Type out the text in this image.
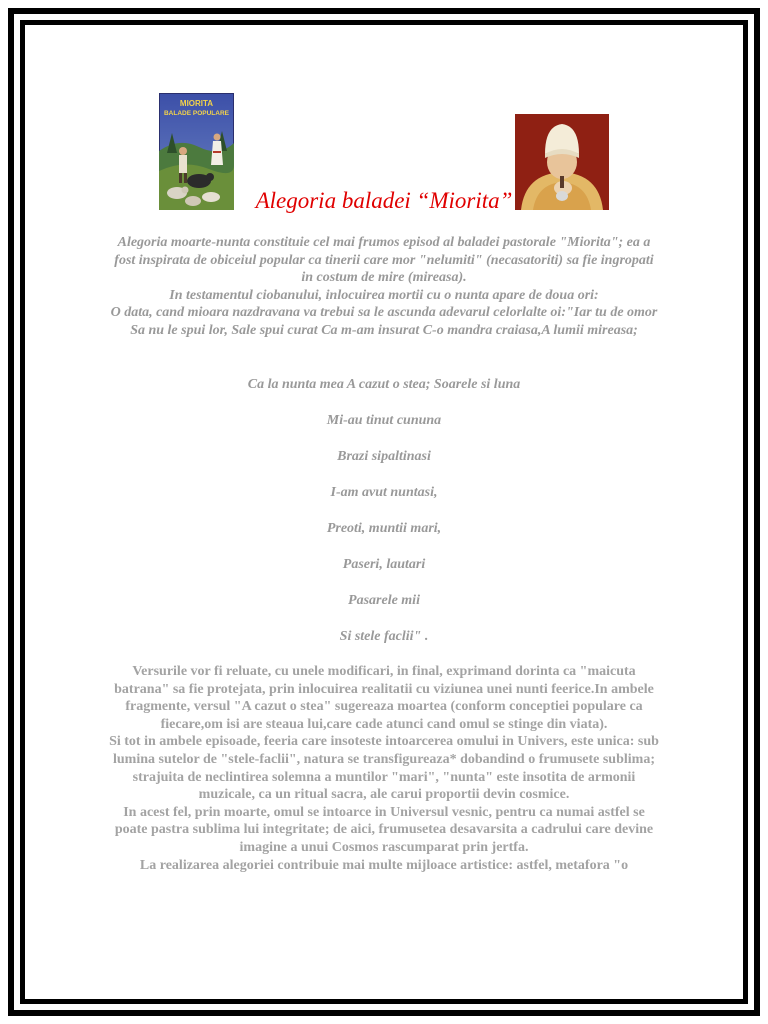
MIORITA
BALADE POPULARE
Alegoria baladei “Miorita”

Alegoria moarte-nunta constituie cel mai frumos episod al baladei pastorale "Miorita"; ea a fost inspirata de obiceiul popular ca tinerii care mor "nelumiti" (necasatoriti) sa fie ingropati in costum de mire (mireasa).

In testamentul ciobanului, inlocuirea mortii cu o nunta apare de doua ori:

O data, cand mioara nazdravana va trebui sa le ascunda adevarul celorlalte oi:"Iar tu de omor Sa nu le spui lor, Sale spui curat Ca m-am insurat C-o mandra craiasa,A lumii mireasa;

Ca la nunta mea A cazut o stea; Soarele si luna

Mi-au tinut cununa

Brazi sipaltinasi

I-am avut nuntasi,

Preoti, muntii mari,

Paseri, lautari

Pasarele mii

Si stele faclii" .

Versurile vor fi reluate, cu unele modificari, in final, exprimand dorinta ca "maicuta batrana" sa fie protejata, prin inlocuirea realitatii cu viziunea unei nunti feerice.In ambele fragmente, versul "A cazut o stea" sugereaza moartea (conform conceptiei populare ca fiecare,om isi are steaua lui,care cade atunci cand omul se stinge din viata).

Si tot in ambele episoade, feeria care insoteste intoarcerea omului in Univers, este unica: sub lumina sutelor de "stele-faclii", natura se transfigureaza* dobandind o frumusete sublima; strajuita de neclintirea solemna a muntilor "mari", "nunta" este insotita de armonii muzicale, ca un ritual sacra, ale carui proportii devin cosmice.

In acest fel, prin moarte, omul se intoarce in Universul vesnic, pentru ca numai astfel se poate pastra sublima lui integritate; de aici, frumusetea desavarsita a cadrului care devine imagine a unui Cosmos rascumparat prin jertfa.

La realizarea alegoriei contribuie mai multe mijloace artistice: astfel, metafora "o
